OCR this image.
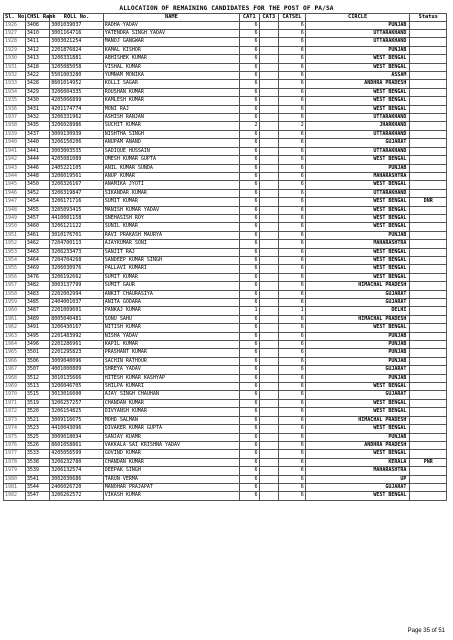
ALLOCATION OF REMAINING CANDIDATES FOR THE POST OF PA/SA
Sl. No.	CHSL Rank	ROLL No.	NAME	CAT1	CAT3	CATSEL	CIRCLE		Status
1926	3408	3001039037	RADHA YADAV	6		6	PUNJAB		
1927	3410	3001164716	YATENDRA SINGH YADAV	6		6	UTTARAKHAND		
1928	3411	3003021254	MANOJ GANGWAR	6		6	UTTARAKHAND		
1929	3412	2201876824	KAMAL KISHOR	6		6	PUNJAB		
1930	3413	3206331881	ABHISHEK KUMAR	6		6	WEST BENGAL		
1931	3418	3205085058	VISHAL KUMAR	6		6	WEST BENGAL		
1932	3422	5501003280	YUMNAM MONIKA	6		6	ASSAM		
1933	3428	8601014952	KOLLI SAGAR	6		6	ANDHRA PRADESH		
1934	3429	3206004335	ROUSHAN KUMAR	6		6	WEST BENGAL		
1935	3430	4205066899	KAMLESH KUMAR	6		6	WEST BENGAL		
1936	3431	4201174774	MONI RAJ	6		6	WEST BENGAL		
1937	3432	3206331962	ASHISH RANJAN	6		6	UTTARAKHAND		
1938	3435	3206028986	SUCHIT KUMAR	2		2	JHARKHAND		
1939	3437	3009130939	NISHTHA SINGH	6		6	UTTARAKHAND		
1940	3440	3206150206	ANUPAM ANAND	6		6	GUJARAT		
1941	3441	3003003535	SADIQUE HUSSAIN	6		6	UTTARAKHAND		
1942	3444	4205081089	UMESH KUMAR GUPTA	6		6	WEST BENGAL		
1943	3446	2405221105	ANIL KUMAR SUNDA	6		6	PUNJAB		
1944	3448	3206019561	ANUP KUMAR	6		6	MAHARASHTRA		
1945	3450	3206326167	ANAMIKA JYOTI	6		6	WEST BENGAL		
1946	3452	3206319847	SIKANDAR KUMAR	6		6	UTTARAKHAND		
1947	3454	3206171716	SUMIT KUMAR	6		6	WEST BENGAL		DNR
1948	3455	3205093415	MANISH KUMAR YADAV	6		6	WEST BENGAL		
1949	3457	4410001158	SNEHASISH ROY	6		6	WEST BENGAL		
1950	3460	3206121122	SUNIL KUMAR	6		6	WEST BENGAL		
1951	3461	3010176701	RAVI PRAKASH MAURYA	6		6	PUNJAB		
1952	3462	7204700113	AJAYKUMAR SONI	6		6	MAHARASHTRA		
1953	3463	3206233473	SANJIT RAJ	6		6	WEST BENGAL		
1954	3464	7204704268	SANDEEP KUMAR SINGH	6		6	WEST BENGAL		
1955	3469	3206030976	PALLAVI KUMARI	6		6	WEST BENGAL		
1956	3476	3206192662	SUMIT KUMAR	6		6	WEST BENGAL		
1957	3482	3003137799	SUMIT GAUR	6		6	HIMACHAL PRADESH		
1958	3483	2202002994	ANKIT CHAURASIYA	6		6	GUJARAT		
1959	3485	2404001037	ANITA GODARA	6		6	GUJARAT		
1960	3487	2201009601	PANKAJ KUMAR	1		1	DELHI		
1961	3489	8005040481	SONU SAHU	6		6	HIMACHAL PRADESH		
1962	3491	3206430167	NITISH KUMAR	6		6	WEST BENGAL		
1963	3495	2201483992	NISHA YADAV	6		6	PUNJAB		
1964	3496	2201286961	KAPIL KUMAR	6		6	PUNJAB		
1965	3501	2201295823	PRASHANT KUMAR	6		6	PUNJAB		
1966	3506	3009040096	SACHIN RATHOUR	6		6	PUNJAB		
1967	3507	4001000809	SHREYA YADAV	6		6	GUJARAT		
1968	3512	3010135666	HITESH KUMAR KASHYAP	6		6	PUNJAB		
1969	3513	3206046705	SHILPA KUMARI	6		6	WEST BENGAL		
1970	3515	3013016600	AJAY SINGH CHAUHAN	6		6	GUJARAT		
1971	3519	3206257257	CHANDAN KUMAR	6		6	WEST BENGAL		
1972	3520	3206154825	DIVYANSH KUMAR	6		6	WEST BENGAL		
1973	3521	3009116675	MOHD SALMAN	6		6	HIMACHAL PRADESH		
1974	3523	4410043096	DIVAKER KUMAR GUPTA	6		6	WEST BENGAL		
1975	3525	3009018034	SANJAY KUAMR	6		6	PUNJAB		
1976	3526	8601058861	VAKKALA SAI KRISHNA YADAV	6		6	ANDHRA PRADESH		
1977	3533	4205056599	GOVIND KUMAR	6		6	WEST BENGAL		
1978	3538	3206232780	CHANDAN KUMAR	6		6	KERALA		PNR
1979	3539	3206132574	DEEPAK SINGH	6		6	MAHARASHTRA		
1980	3541	3002030686	TARUN VERMA	6		6	UP		
1981	3544	2406026720	MANOHAR PRAJAPAT	6		6	GUJARAT		
1982	3547	3206262572	VIKASH KUMAR	6		6	WEST BENGAL		
Page 35 of 51
